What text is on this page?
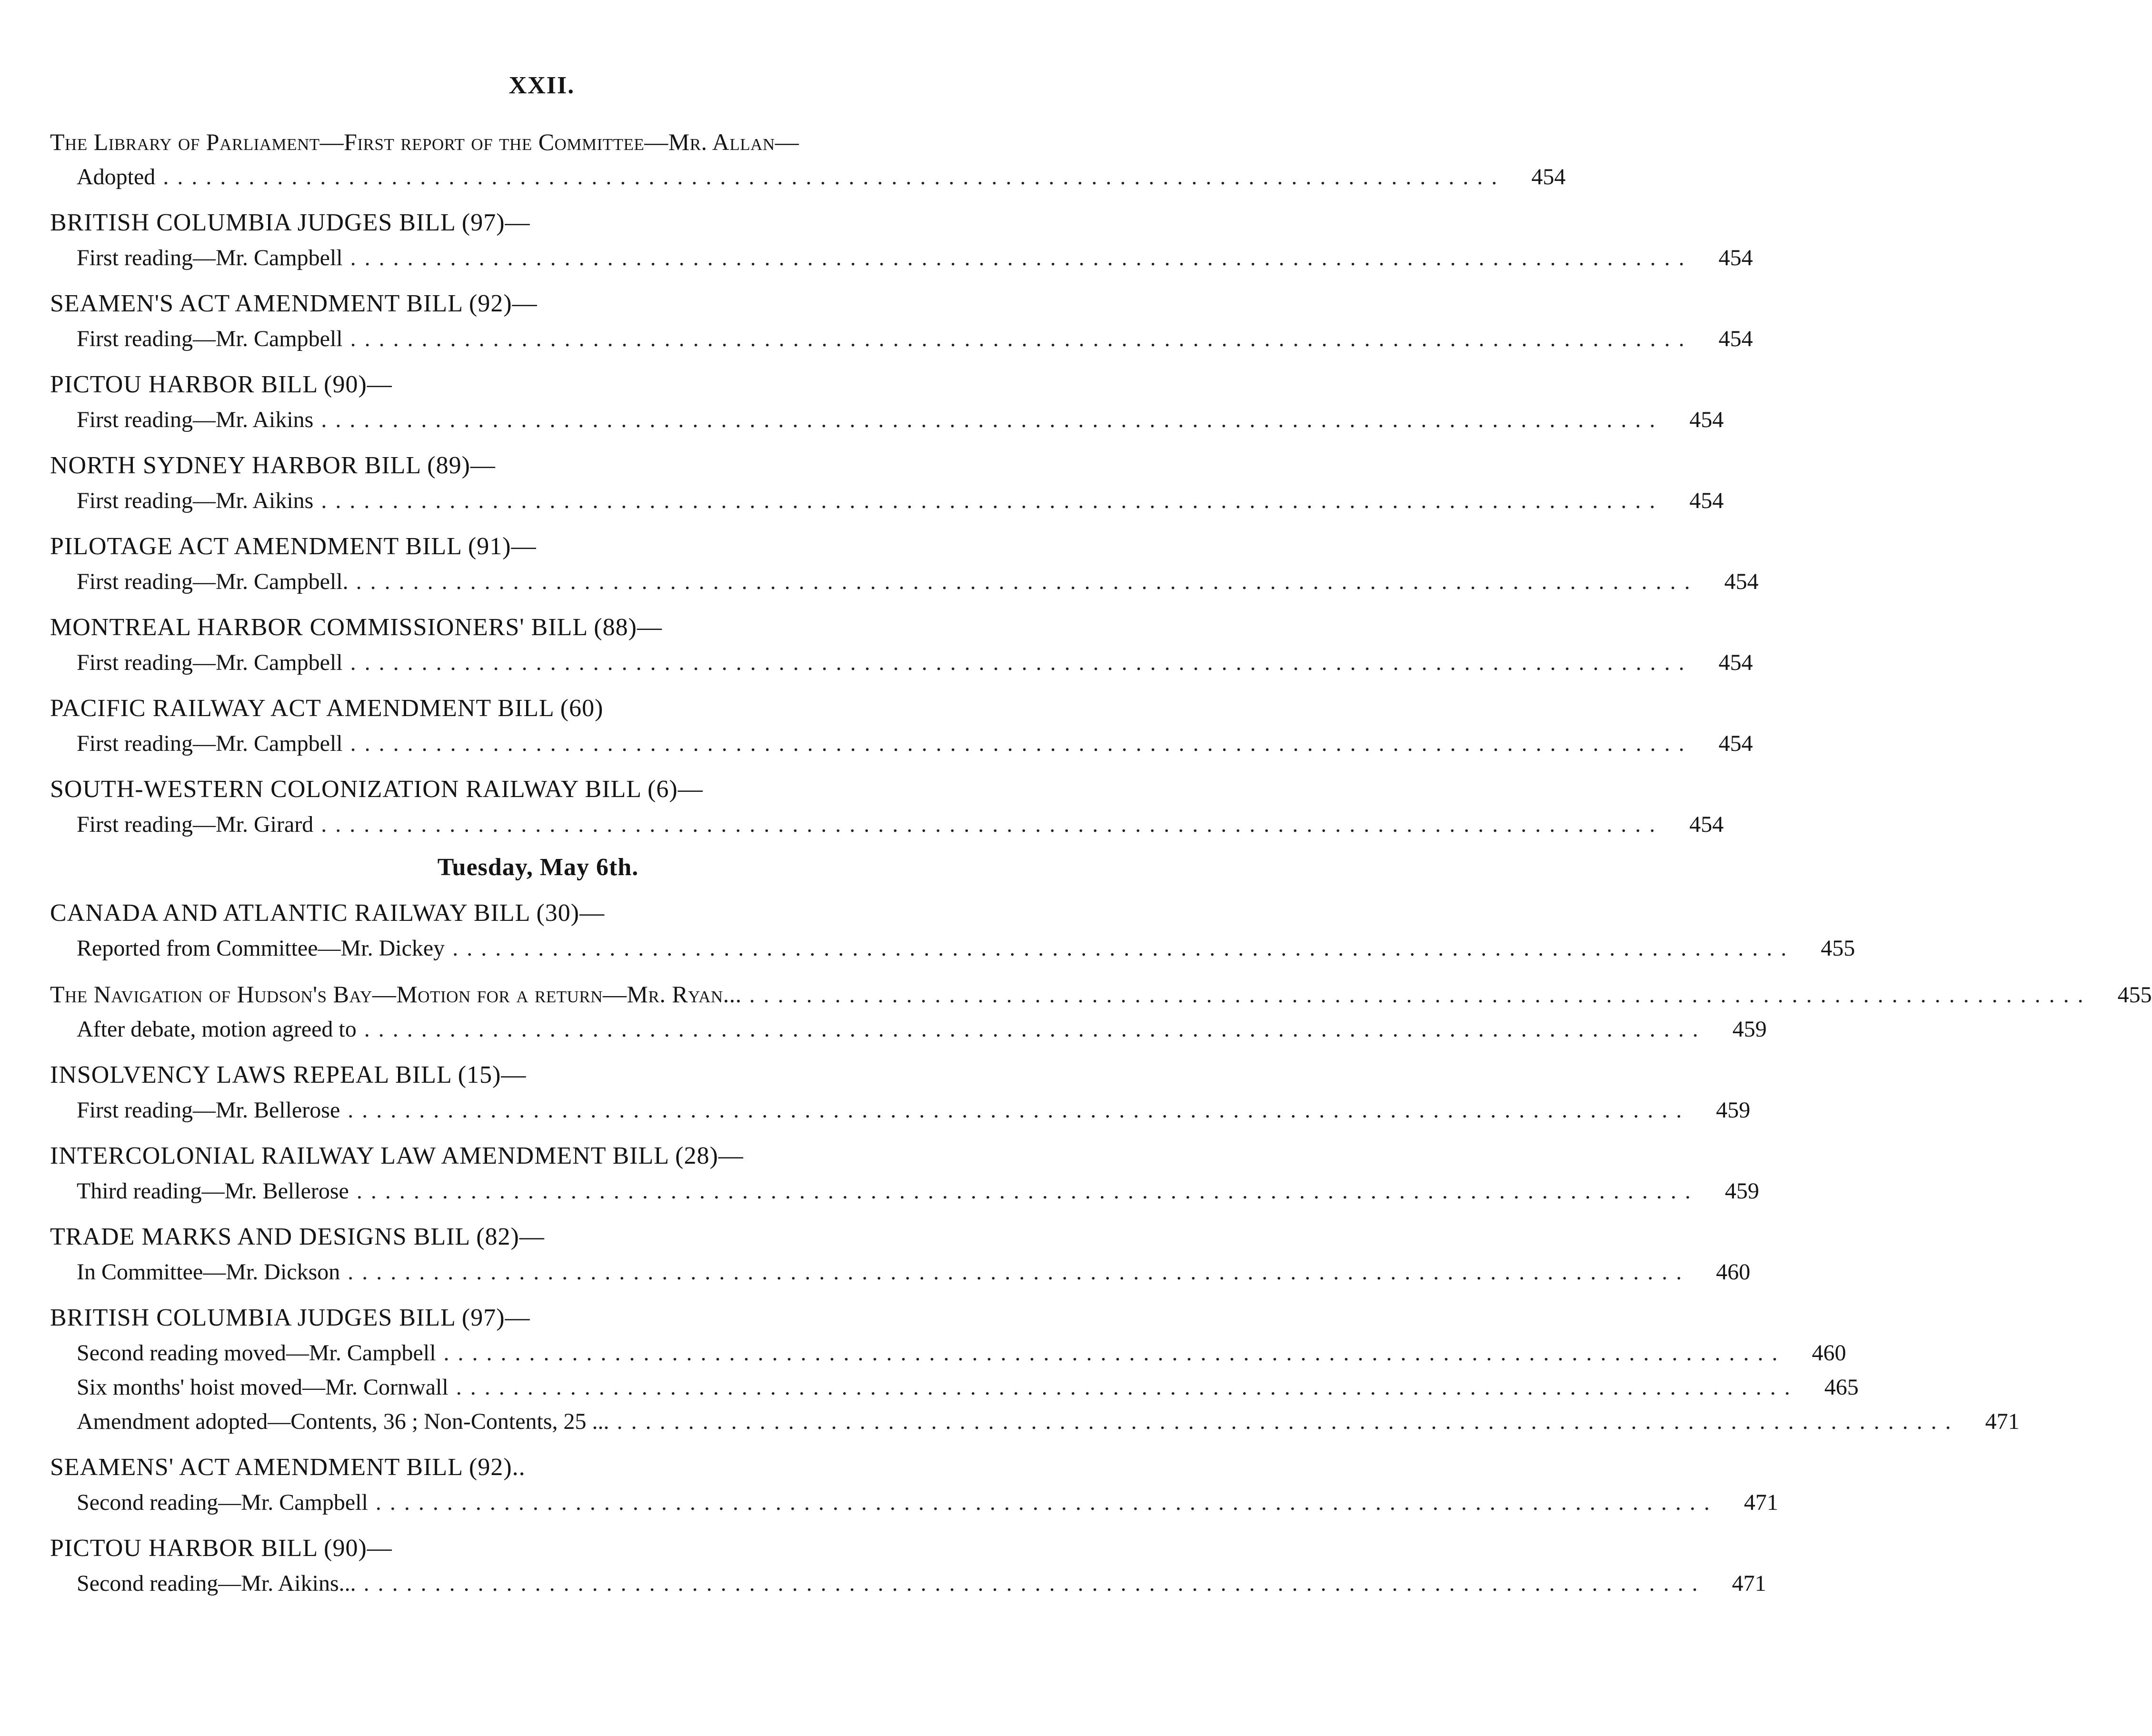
XXII.
The Library of Parliament—First report of the Committee—Mr. Allan—
Adopted ..............................................................................................	454
BRITISH COLUMBIA JUDGES BILL (97)—
First reading—Mr. Campbell ..............................................................................................	454
SEAMEN'S ACT AMENDMENT BILL (92)—
First reading—Mr. Campbell ..............................................................................................	454
PICTOU HARBOR BILL (90)—
First reading—Mr. Aikins ..............................................................................................	454
NORTH SYDNEY HARBOR BILL (89)—
First reading—Mr. Aikins ..............................................................................................	454
PILOTAGE ACT AMENDMENT BILL (91)—
First reading—Mr. Campbell. ..............................................................................................	454
MONTREAL HARBOR COMMISSIONERS' BILL (88)—
First reading—Mr. Campbell ..............................................................................................	454
PACIFIC RAILWAY ACT AMENDMENT BILL (60)
First reading—Mr. Campbell ..............................................................................................	454
SOUTH-WESTERN COLONIZATION RAILWAY BILL (6)—
First reading—Mr. Girard ..............................................................................................	454
Tuesday, May 6th.
CANADA AND ATLANTIC RAILWAY BILL (30)—
Reported from Committee—Mr. Dickey ..............................................................................................	455
The Navigation of Hudson's Bay—Motion for a return—Mr. Ryan... ..............................................................................................	455
After debate, motion agreed to ..............................................................................................	459
INSOLVENCY LAWS REPEAL BILL (15)—
First reading—Mr. Bellerose ..............................................................................................	459
INTERCOLONIAL RAILWAY LAW AMENDMENT BILL (28)—
Third reading—Mr. Bellerose ..............................................................................................	459
TRADE MARKS AND DESIGNS BLIL (82)—
In Committee—Mr. Dickson ..............................................................................................	460
BRITISH COLUMBIA JUDGES BILL (97)—
Second reading moved—Mr. Campbell ..............................................................................................	460
Six months' hoist moved—Mr. Cornwall ..............................................................................................	465
Amendment adopted—Contents, 36 ; Non-Contents, 25 ... ..............................................................................................	471
SEAMENS' ACT AMENDMENT BILL (92)..
Second reading—Mr. Campbell ..............................................................................................	471
PICTOU HARBOR BILL (90)—
Second reading—Mr. Aikins... ..............................................................................................	471
